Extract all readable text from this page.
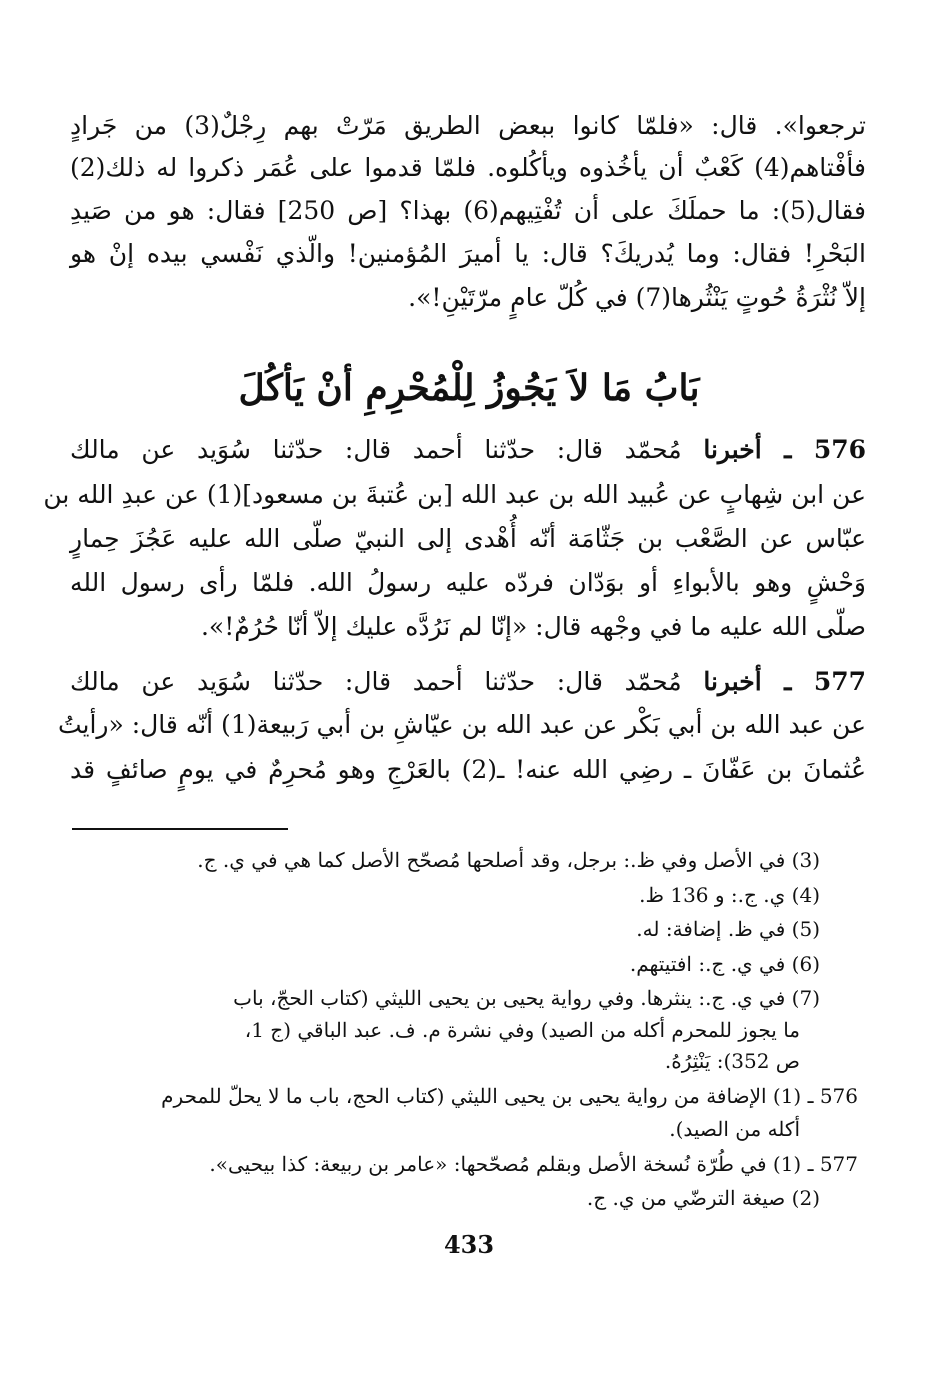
ترجعوا». قال: «فلمّا كانوا ببعض الطريق مَرّتْ بهم رِجْلٌ(3) من جَرادٍ
فأفْتاهم(4) كَعْبٌ أن يأخُذوه ويأكُلوه. فلمّا قدموا على عُمَر ذكروا له ذلك(2)
فقال(5): ما حملَكَ على أن تُفْتِيهم(6) بهذا؟ [ص 250] فقال: هو من صَيدِ
البَحْرِ! فقال: وما يُدريكَ؟ قال: يا أميرَ المُؤمنين! والّذي نَفْسي بيده إنْ هو
إلاّ نُثْرَةُ حُوتٍ يَنْثُرها(7) في كُلّ عامٍ مرّتَيْنِ!».
بَابُ مَا لاَ يَجُوزُ لِلْمُحْرِمِ أنْ يَأكُلَ
576 ـ أخبرنا مُحمّد قال: حدّثنا أحمد قال: حدّثنا سُوَيد عن مالك
عن ابن شِهابٍ عن عُبيد الله بن عبد الله [بن عُتبةَ بن مسعود](1) عن عبدِ الله بن
عبّاس عن الصَّعْب بن جَثّامَة أنّه أُهْدى إلى النبيّ صلّى الله عليه عَجُزَ حِمارٍ
وَحْشٍ وهو بالأبواءِ أو بوَدّان فردّه عليه رسولُ الله. فلمّا رأى رسول الله
صلّى الله عليه ما في وجْهه قال: «إنّا لم نَرُدَّه عليك إلاّ أنّا حُرُمٌ!».
577 ـ أخبرنا مُحمّد قال: حدّثنا أحمد قال: حدّثنا سُوَيد عن مالك
عن عبد الله بن أبي بَكْر عن عبد الله بن عيّاشِ بن أبي رَبيعة(1) أنّه قال: «رأيتُ
عُثمانَ بن عَفّانَ ـ رضِي الله عنه! ـ(2) بالعَرْجِ وهو مُحرِمٌ في يومٍ صائفٍ قد
(3) في الأصل وفي ظ.: برجل، وقد أصلحها مُصحّح الأصل كما هي في ي. ج.
(4) ي. ج.: و 136 ظ.
(5) في ظ. إضافة: له.
(6) في ي. ج.: افتيتهم.
(7) في ي. ج.: ينثرها. وفي رواية يحيى بن يحيى الليثي (كتاب الحجّ، باب
ما يجوز للمحرم أكله من الصيد) وفي نشرة م. ف. عبد الباقي (ج 1،
ص 352): يَنْثِرُهُ.
576 ـ (1) الإضافة من رواية يحيى بن يحيى الليثي (كتاب الحج، باب ما لا يحلّ للمحرم
أكله من الصيد).
577 ـ (1) في طُرّة نُسخة الأصل وبقلم مُصحّحها: «عامر بن ربيعة: كذا بيحيى».
(2) صيغة الترضّي من ي. ج.
433
